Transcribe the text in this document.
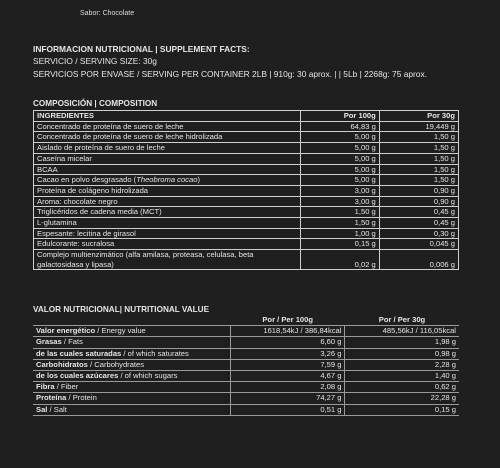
Sabor: Chocolate
INFORMACION NUTRICIONAL | SUPPLEMENT FACTS:
SERVICIO / SERVING SIZE: 30g
SERVICIOS POR ENVASE / SERVING PER CONTAINER 2LB | 910g: 30 aprox. | | 5Lb | 2268g: 75 aprox.
COMPOSICIÓN | COMPOSITION
INGREDIENTES	Por 100g	Por 30g
Concentrado de proteína de suero de leche	64,83 g	19,449 g
Concentrado de proteína de suero de leche hidrolizada	5,00 g	1,50 g
Aislado de proteína de suero de leche	5,00 g	1,50 g
Caseína micelar	5,00 g	1,50 g
BCAA	5,00 g	1,50 g
Cacao en polvo desgrasado (Theobroma cocao)	5,00 g	1,50 g
Proteína de colágeno hidrolizada	3,00 g	0,90 g
Aroma: chocolate negro	3,00 g	0,90 g
Triglicéridos de cadena media (MCT)	1,50 g	0,45 g
L-glutamina	1,50 g	0,45 g
Espesante: lecitina de girasol	1,00 g	0,30 g
Edulcorante: sucralosa	0,15 g	0,045 g
Complejo multienzimático (alfa amilasa, proteasa, celulasa, beta galactosidasa y lipasa)	0,02 g	0,006 g
VALOR NUTRICIONAL| NUTRITIONAL VALUE
	Por / Per 100g	Por / Per 30g
Valor energético / Energy value	1618,54kJ / 386,84kcal	485,56kJ / 116,05kcal
Grasas / Fats	6,60 g	1,98 g
de las cuales saturadas / of which saturates	3,26 g	0,98 g
Carbohidratos / Carbohydrates	7,59 g	2,28 g
de los cuales azúcares / of which sugars	4,67 g	1,40 g
Fibra / Fiber	2,08 g	0,62 g
Proteína / Protein	74,27 g	22,28 g
Sal / Salt	0,51 g	0,15 g
